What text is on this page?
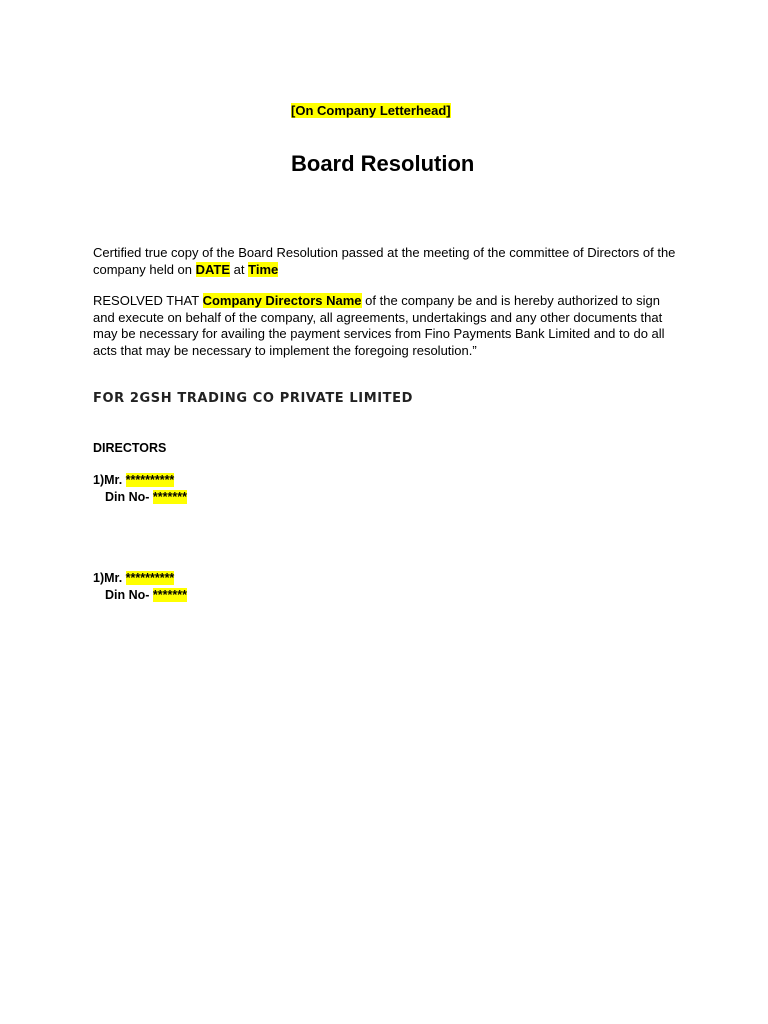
[On Company Letterhead]
Board Resolution
Certified true copy of the Board Resolution passed at the meeting of the committee of Directors of the company held on DATE at Time
RESOLVED THAT Company Directors Name of the company be and is hereby authorized to sign and execute on behalf of the company, all agreements, undertakings and any other documents that may be necessary for availing the payment services from Fino Payments Bank Limited and to do all acts that may be necessary to implement the foregoing resolution.”
FOR 2GSH TRADING CO PRIVATE LIMITED
DIRECTORS
1)Mr. **********
Din No- *******
1)Mr. **********
Din No- *******
